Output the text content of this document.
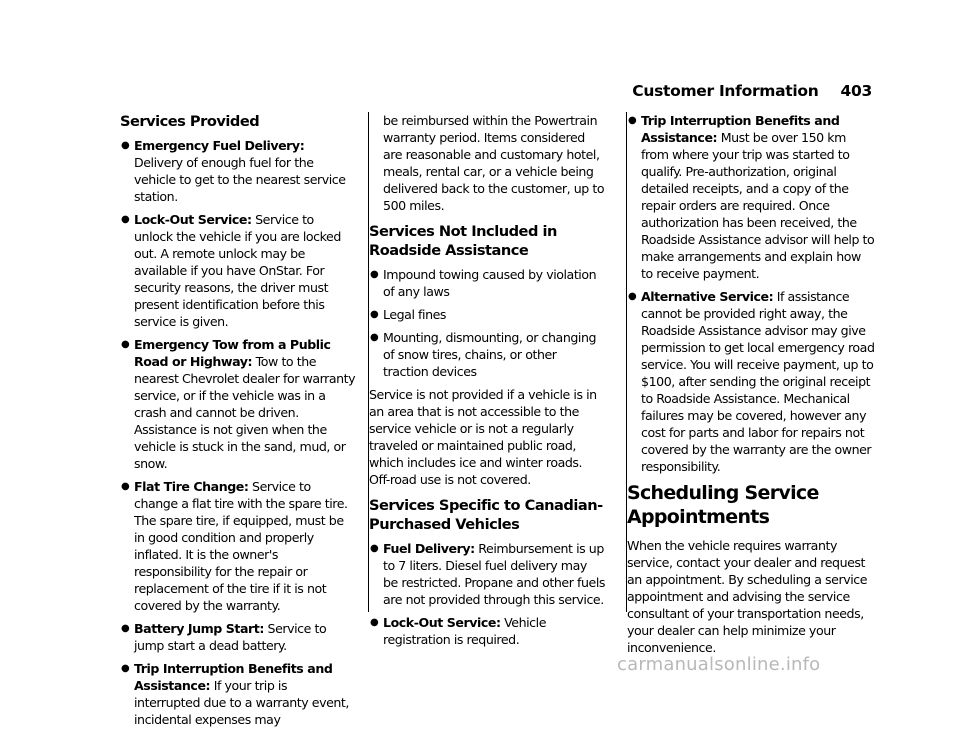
Customer Information 403
Services Provided
● Emergency Fuel Delivery: Delivery of enough fuel for the vehicle to get to the nearest service station.
● Lock-Out Service: Service to unlock the vehicle if you are locked out. A remote unlock may be available if you have OnStar. For security reasons, the driver must present identification before this service is given.
● Emergency Tow from a Public Road or Highway: Tow to the nearest Chevrolet dealer for warranty service, or if the vehicle was in a crash and cannot be driven. Assistance is not given when the vehicle is stuck in the sand, mud, or snow.
● Flat Tire Change: Service to change a flat tire with the spare tire. The spare tire, if equipped, must be in good condition and properly inflated. It is the owner's responsibility for the repair or replacement of the tire if it is not covered by the warranty.
● Battery Jump Start: Service to jump start a dead battery.
● Trip Interruption Benefits and Assistance: If your trip is interrupted due to a warranty event, incidental expenses may
be reimbursed within the Powertrain warranty period. Items considered are reasonable and customary hotel, meals, rental car, or a vehicle being delivered back to the customer, up to 500 miles.
Services Not Included in Roadside Assistance
● Impound towing caused by violation of any laws
● Legal fines
● Mounting, dismounting, or changing of snow tires, chains, or other traction devices

Service is not provided if a vehicle is in an area that is not accessible to the service vehicle or is not a regularly traveled or maintained public road, which includes ice and winter roads. Off-road use is not covered.

Services Specific to Canadian-Purchased Vehicles
● Fuel Delivery: Reimbursement is up to 7 liters. Diesel fuel delivery may be restricted. Propane and other fuels are not provided through this service.
● Lock-Out Service: Vehicle registration is required.
● Trip Interruption Benefits and Assistance: Must be over 150 km from where your trip was started to qualify. Pre-authorization, original detailed receipts, and a copy of the repair orders are required. Once authorization has been received, the Roadside Assistance advisor will help to make arrangements and explain how to receive payment.
● Alternative Service: If assistance cannot be provided right away, the Roadside Assistance advisor may give permission to get local emergency road service. You will receive payment, up to $100, after sending the original receipt to Roadside Assistance. Mechanical failures may be covered, however any cost for parts and labor for repairs not covered by the warranty are the owner responsibility.
Scheduling Service Appointments

When the vehicle requires warranty service, contact your dealer and request an appointment. By scheduling a service appointment and advising the service consultant of your transportation needs, your dealer can help minimize your inconvenience.

carmanualsonline.info
